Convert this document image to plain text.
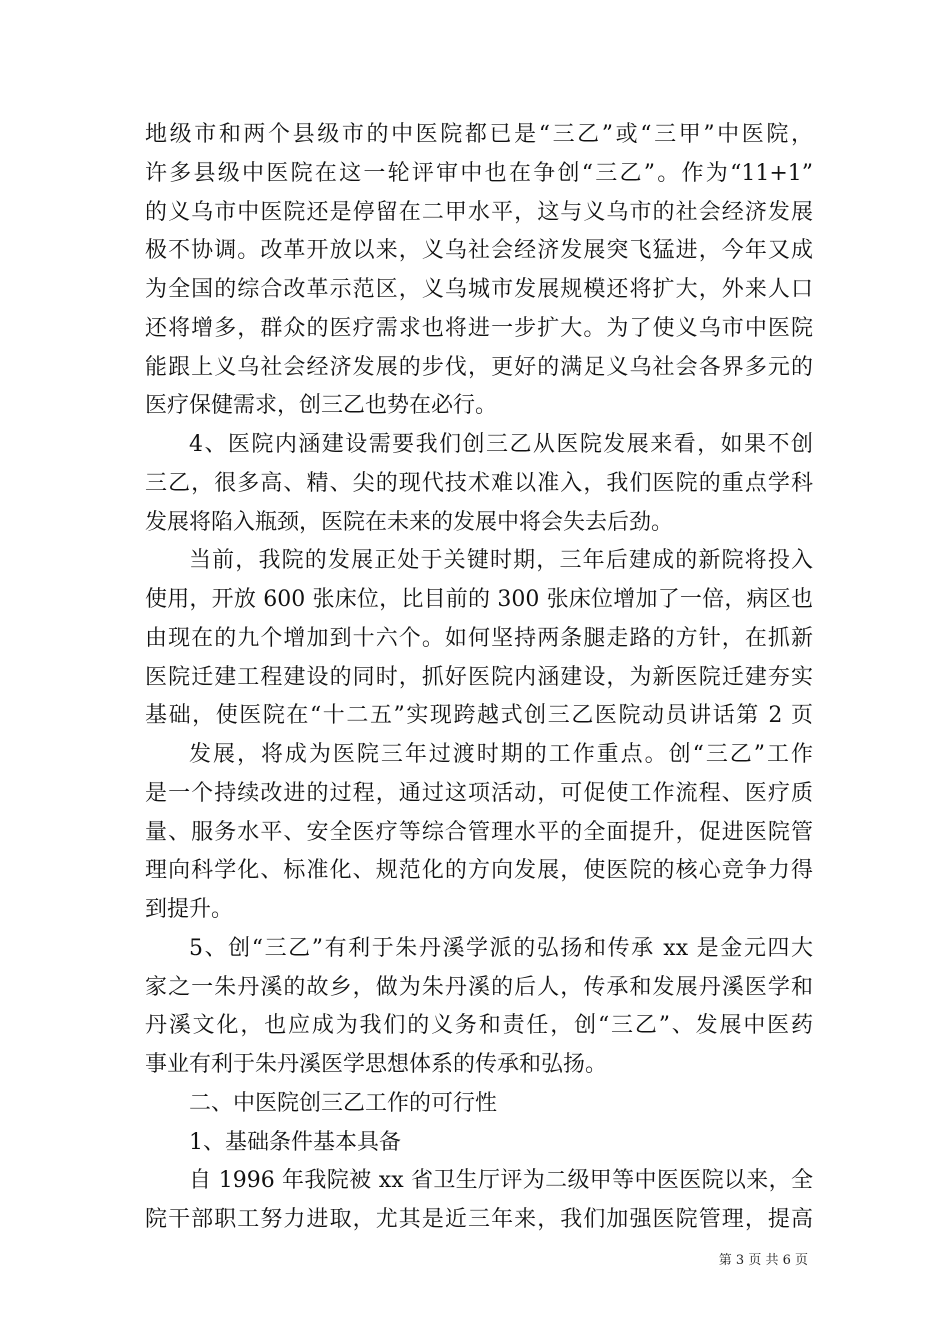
地级市和两个县级市的中医院都已是“三乙”或“三甲”中医院，
许多县级中医院在这一轮评审中也在争创“三乙”。作为“11+1”
的义乌市中医院还是停留在二甲水平，这与义乌市的社会经济发展
极不协调。改革开放以来，义乌社会经济发展突飞猛进，今年又成
为全国的综合改革示范区，义乌城市发展规模还将扩大，外来人口
还将增多，群众的医疗需求也将进一步扩大。为了使义乌市中医院
能跟上义乌社会经济发展的步伐，更好的满足义乌社会各界多元的
医疗保健需求，创三乙也势在必行。
4、医院内涵建设需要我们创三乙从医院发展来看，如果不创
三乙，很多高、精、尖的现代技术难以准入，我们医院的重点学科
发展将陷入瓶颈，医院在未来的发展中将会失去后劲。
当前，我院的发展正处于关键时期，三年后建成的新院将投入
使用，开放 600 张床位，比目前的 300 张床位增加了一倍，病区也
由现在的九个增加到十六个。如何坚持两条腿走路的方针，在抓新
医院迁建工程建设的同时，抓好医院内涵建设，为新医院迁建夯实
基础，使医院在“十二五”实现跨越式创三乙医院动员讲话第 2 页
发展，将成为医院三年过渡时期的工作重点。创“三乙”工作
是一个持续改进的过程，通过这项活动，可促使工作流程、医疗质
量、服务水平、安全医疗等综合管理水平的全面提升，促进医院管
理向科学化、标准化、规范化的方向发展，使医院的核心竞争力得
到提升。
5、创“三乙”有利于朱丹溪学派的弘扬和传承 xx 是金元四大
家之一朱丹溪的故乡，做为朱丹溪的后人，传承和发展丹溪医学和
丹溪文化，也应成为我们的义务和责任，创“三乙”、发展中医药
事业有利于朱丹溪医学思想体系的传承和弘扬。
二、中医院创三乙工作的可行性
1、基础条件基本具备
自 1996 年我院被 xx 省卫生厅评为二级甲等中医医院以来，全
院干部职工努力进取，尤其是近三年来，我们加强医院管理，提高
第 3 页 共 6 页
